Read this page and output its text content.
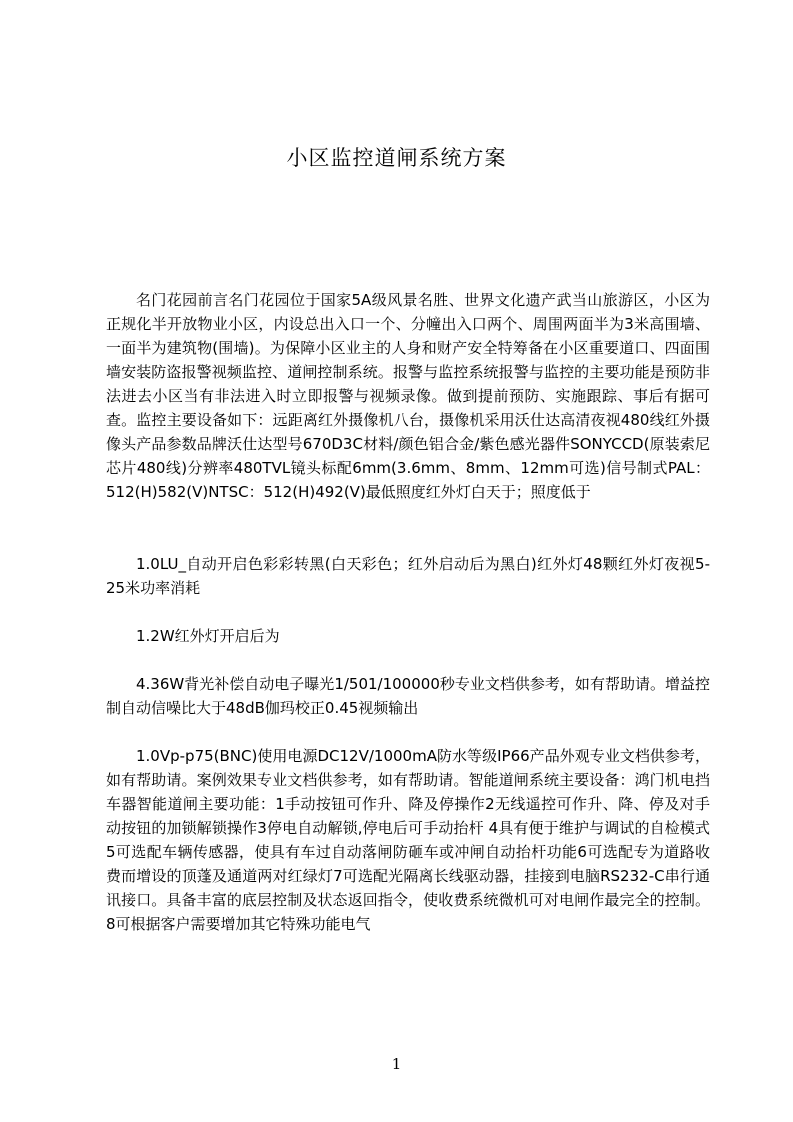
小区监控道闸系统方案

名门花园前言名门花园位于国家5A级风景名胜、世界文化遗产武当山旅游区，小区为正规化半开放物业小区，内设总出入口一个、分幢出入口两个、周围两面半为3米高围墙、一面半为建筑物(围墙)。为保障小区业主的人身和财产安全特筹备在小区重要道口、四面围墙安装防盗报警视频监控、道闸控制系统。报警与监控系统报警与监控的主要功能是预防非法进去小区当有非法进入时立即报警与视频录像。做到提前预防、实施跟踪、事后有据可查。监控主要设备如下：远距离红外摄像机八台，摄像机采用沃仕达高清夜视480线红外摄像头产品参数品牌沃仕达型号670D3C材料/颜色铝合金/紫色感光器件SONYCCD(原装索尼芯片480线)分辨率480TVL镜头标配6mm(3.6mm、8mm、12mm可选)信号制式PAL：512(H)582(V)NTSC：512(H)492(V)最低照度红外灯白天于；照度低于

1.0LU_自动开启色彩彩转黑(白天彩色；红外启动后为黑白)红外灯48颗红外灯夜视5-25米功率消耗

1.2W红外灯开启后为

4.36W背光补偿自动电子曝光1/501/100000秒专业文档供参考，如有帮助请。增益控制自动信噪比大于48dB伽玛校正0.45视频输出

1.0Vp-p75(BNC)使用电源DC12V/1000mA防水等级IP66产品外观专业文档供参考，如有帮助请。案例效果专业文档供参考，如有帮助请。智能道闸系统主要设备：鸿门机电挡车器智能道闸主要功能：1手动按钮可作升、降及停操作2无线遥控可作升、降、停及对手动按钮的加锁解锁操作3停电自动解锁,停电后可手动抬杆 4具有便于维护与调试的自检模式5可选配车辆传感器，使具有车过自动落闸防砸车或冲闸自动抬杆功能6可选配专为道路收费而增设的顶蓬及通道两对红绿灯7可选配光隔离长线驱动器，挂接到电脑RS232-C串行通讯接口。具备丰富的底层控制及状态返回指令，使收费系统微机可对电闸作最完全的控制。8可根据客户需要增加其它特殊功能电气

1
